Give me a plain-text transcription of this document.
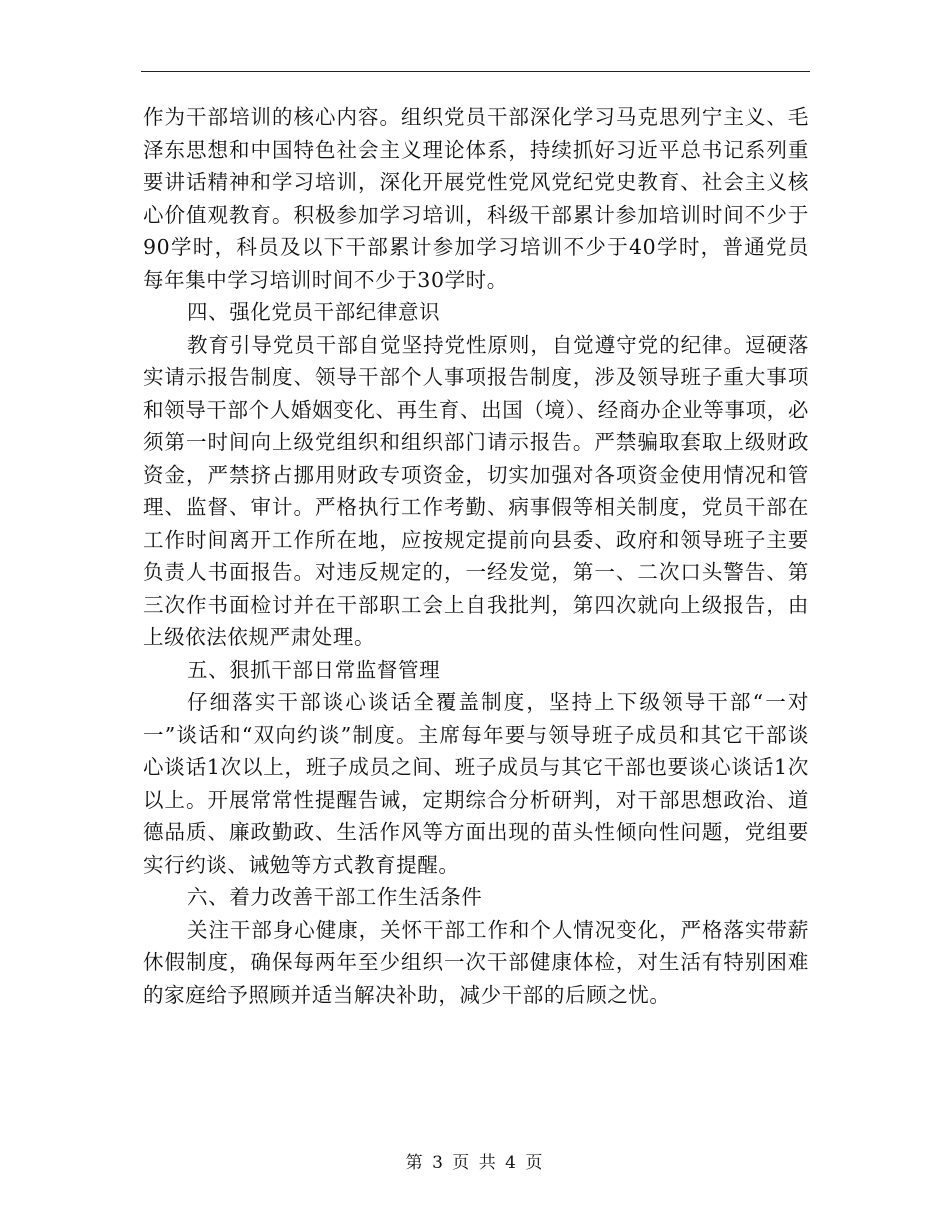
作为干部培训的核心内容。组织党员干部深化学习马克思列宁主义、毛泽东思想和中国特色社会主义理论体系，持续抓好习近平总书记系列重要讲话精神和学习培训，深化开展党性党风党纪党史教育、社会主义核心价值观教育。积极参加学习培训，科级干部累计参加培训时间不少于90学时，科员及以下干部累计参加学习培训不少于40学时，普通党员每年集中学习培训时间不少于30学时。

四、强化党员干部纪律意识

教育引导党员干部自觉坚持党性原则，自觉遵守党的纪律。逗硬落实请示报告制度、领导干部个人事项报告制度，涉及领导班子重大事项和领导干部个人婚姻变化、再生育、出国（境）、经商办企业等事项，必须第一时间向上级党组织和组织部门请示报告。严禁骗取套取上级财政资金，严禁挤占挪用财政专项资金，切实加强对各项资金使用情况和管理、监督、审计。严格执行工作考勤、病事假等相关制度，党员干部在工作时间离开工作所在地，应按规定提前向县委、政府和领导班子主要负责人书面报告。对违反规定的，一经发觉，第一、二次口头警告、第三次作书面检讨并在干部职工会上自我批判，第四次就向上级报告，由上级依法依规严肃处理。

五、狠抓干部日常监督管理

仔细落实干部谈心谈话全覆盖制度，坚持上下级领导干部“一对一”谈话和“双向约谈”制度。主席每年要与领导班子成员和其它干部谈心谈话1次以上，班子成员之间、班子成员与其它干部也要谈心谈话1次以上。开展常常性提醒告诫，定期综合分析研判，对干部思想政治、道德品质、廉政勤政、生活作风等方面出现的苗头性倾向性问题，党组要实行约谈、诫勉等方式教育提醒。

六、着力改善干部工作生活条件

关注干部身心健康，关怀干部工作和个人情况变化，严格落实带薪休假制度，确保每两年至少组织一次干部健康体检，对生活有特别困难的家庭给予照顾并适当解决补助，减少干部的后顾之忧。

第 3 页 共 4 页
